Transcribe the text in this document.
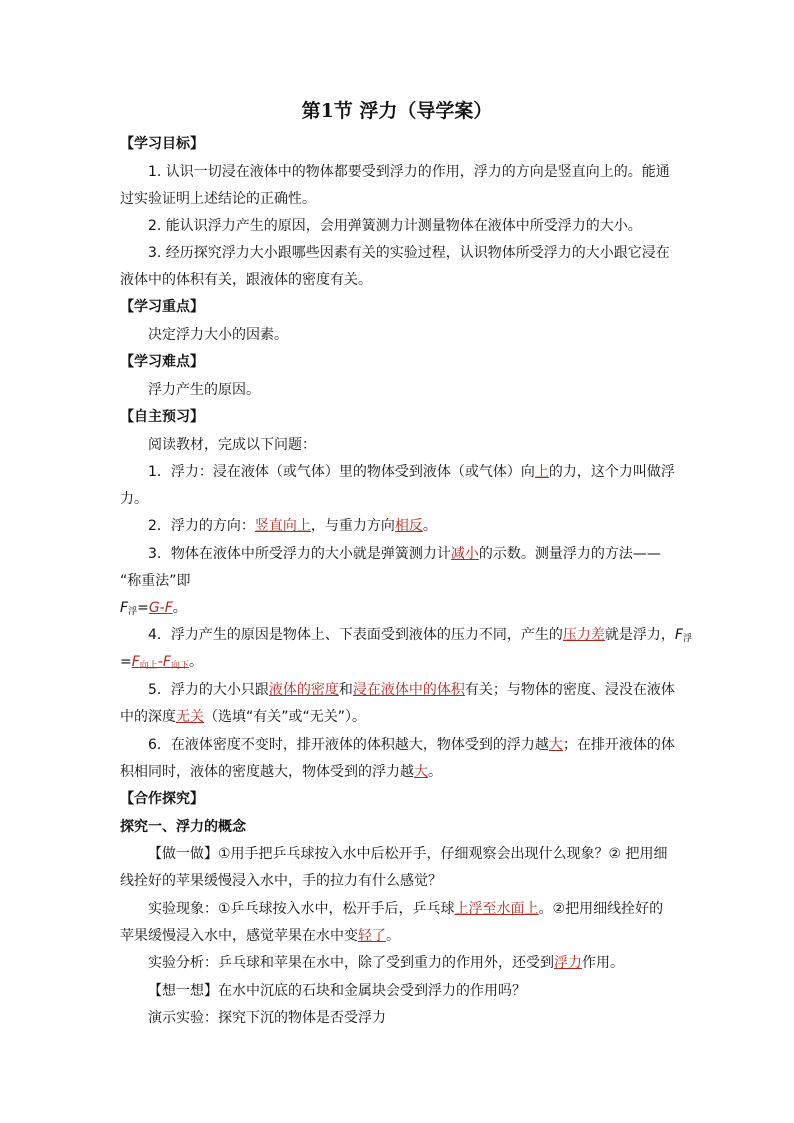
第1节 浮力（导学案）
【学习目标】
1. 认识一切浸在液体中的物体都要受到浮力的作用，浮力的方向是竖直向上的。能通
过实验证明上述结论的正确性。
2. 能认识浮力产生的原因，会用弹簧测力计测量物体在液体中所受浮力的大小。
3. 经历探究浮力大小跟哪些因素有关的实验过程，认识物体所受浮力的大小跟它浸在
液体中的体积有关，跟液体的密度有关。
【学习重点】
决定浮力大小的因素。
【学习难点】
浮力产生的原因。
【自主预习】
阅读教材，完成以下问题：
1．浮力：浸在液体（或气体）里的物体受到液体（或气体）向上的力，这个力叫做浮
力。
2．浮力的方向：竖直向上，与重力方向相反。
3．物体在液体中所受浮力的大小就是弹簧测力计减小的示数。测量浮力的方法——
“称重法”即
$F_浮=G-F$。
4．浮力产生的原因是物体上、下表面受到液体的压力不同，产生的压力差就是浮力，$F_浮$
$=F_{向上}-F_{向下}$。
5．浮力的大小只跟液体的密度和浸在液体中的体积有关；与物体的密度、浸没在液体
中的深度无关（选填“有关”或“无关”）。
6．在液体密度不变时，排开液体的体积越大，物体受到的浮力越大；在排开液体的体
积相同时，液体的密度越大，物体受到的浮力越大。
【合作探究】
探究一、浮力的概念
【做一做】①用手把乒乓球按入水中后松开手，仔细观察会出现什么现象？② 把用细
线拴好的苹果缓慢浸入水中，手的拉力有什么感觉？
实验现象：①乒乓球按入水中，松开手后，乒乓球上浮至水面上。②把用细线拴好的
苹果缓慢浸入水中，感觉苹果在水中变轻了。
实验分析：乒乓球和苹果在水中，除了受到重力的作用外，还受到浮力作用。
【想一想】在水中沉底的石块和金属块会受到浮力的作用吗？
演示实验：探究下沉的物体是否受浮力
